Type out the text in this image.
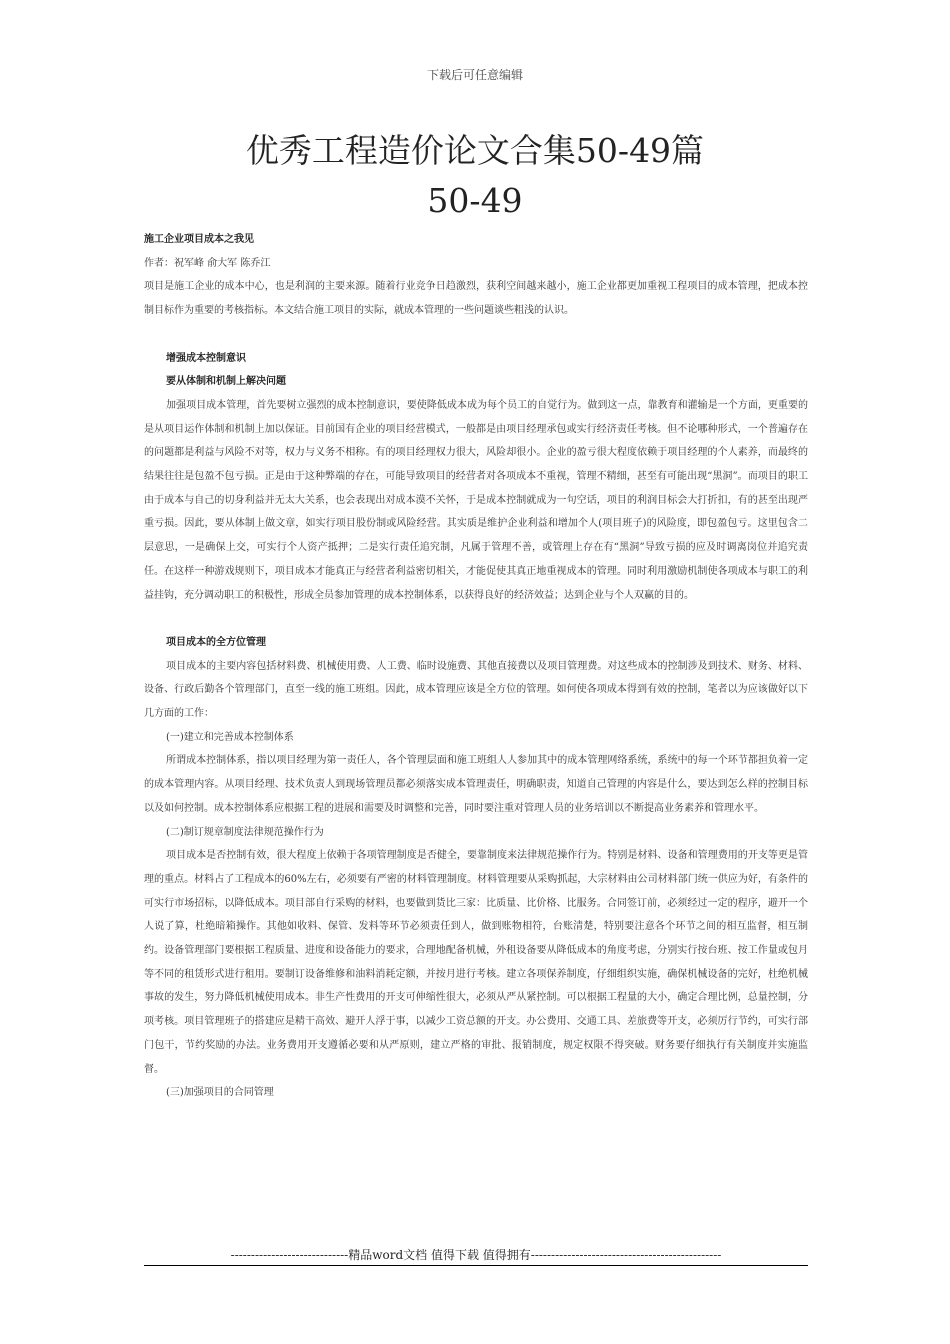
下载后可任意编辑
优秀工程造价论文合集50-49篇
50-49

施工企业项目成本之我见

作者：祝军峰 俞大军 陈乔江

项目是施工企业的成本中心，也是利润的主要来源。随着行业竞争日趋激烈，获利空间越来越小，施工企业都更加重视工程项目的成本管理，把成本控制目标作为重要的考核指标。本文结合施工项目的实际，就成本管理的一些问题谈些粗浅的认识。

增强成本控制意识

要从体制和机制上解决问题

加强项目成本管理，首先要树立强烈的成本控制意识，要使降低成本成为每个员工的自觉行为。做到这一点，靠教育和灌输是一个方面，更重要的是从项目运作体制和机制上加以保证。目前国有企业的项目经营模式，一般都是由项目经理承包或实行经济责任考核。但不论哪种形式，一个普遍存在的问题都是利益与风险不对等，权力与义务不相称。有的项目经理权力很大，风险却很小。企业的盈亏很大程度依赖于项目经理的个人素养，而最终的结果往往是包盈不包亏损。正是由于这种弊端的存在，可能导致项目的经营者对各项成本不重视，管理不精细，甚至有可能出现“黑洞”。而项目的职工由于成本与自己的切身利益并无太大关系，也会表现出对成本漠不关怀，于是成本控制就成为一句空话，项目的利润目标会大打折扣，有的甚至出现严重亏损。因此，要从体制上做文章，如实行项目股份制或风险经营。其实质是维护企业利益和增加个人(项目班子)的风险度，即包盈包亏。这里包含二层意思，一是确保上交，可实行个人资产抵押；二是实行责任追究制，凡属于管理不善，或管理上存在有“黑洞”导致亏损的应及时调离岗位并追究责任。在这样一种游戏规则下，项目成本才能真正与经营者利益密切相关，才能促使其真正地重视成本的管理。同时利用激励机制使各项成本与职工的利益挂钩，充分调动职工的积极性，形成全员参加管理的成本控制体系，以获得良好的经济效益；达到企业与个人双赢的目的。

项目成本的全方位管理

项目成本的主要内容包括材料费、机械使用费、人工费、临时设施费、其他直接费以及项目管理费。对这些成本的控制涉及到技术、财务、材料、设备、行政后勤各个管理部门，直至一线的施工班组。因此，成本管理应该是全方位的管理。如何使各项成本得到有效的控制，笔者以为应该做好以下几方面的工作：

(一)建立和完善成本控制体系

所谓成本控制体系，指以项目经理为第一责任人，各个管理层面和施工班组人人参加其中的成本管理网络系统，系统中的每一个环节都担负着一定的成本管理内容。从项目经理、技术负责人到现场管理员都必须落实成本管理责任，明确职责，知道自己管理的内容是什么，要达到怎么样的控制目标以及如何控制。成本控制体系应根据工程的进展和需要及时调整和完善，同时要注重对管理人员的业务培训以不断提高业务素养和管理水平。

(二)制订规章制度法律规范操作行为

项目成本是否控制有效，很大程度上依赖于各项管理制度是否健全，要靠制度来法律规范操作行为。特别是材料、设备和管理费用的开支等更是管理的重点。材料占了工程成本的60%左右，必须要有严密的材料管理制度。材料管理要从采购抓起，大宗材料由公司材料部门统一供应为好，有条件的可实行市场招标，以降低成本。项目部自行采购的材料，也要做到货比三家：比质量、比价格、比服务。合同签订前，必须经过一定的程序，避开一个人说了算，杜绝暗箱操作。其他如收料、保管、发料等环节必须责任到人，做到账物相符，台账清楚，特别要注意各个环节之间的相互监督，相互制约。设备管理部门要根据工程质量、进度和设备能力的要求，合理地配备机械，外租设备要从降低成本的角度考虑，分别实行按台班、按工作量或包月等不同的租赁形式进行租用。要制订设备维修和油料消耗定额，并按月进行考核。建立各项保养制度，仔细组织实施，确保机械设备的完好，杜绝机械事故的发生，努力降低机械使用成本。非生产性费用的开支可伸缩性很大，必须从严从紧控制。可以根据工程量的大小，确定合理比例，总量控制，分项考核。项目管理班子的搭建应是精干高效、避开人浮于事，以减少工资总额的开支。办公费用、交通工具、差旅费等开支，必须厉行节约，可实行部门包干，节约奖励的办法。业务费用开支遵循必要和从严原则，建立严格的审批、报销制度，规定权限不得突破。财务要仔细执行有关制度并实施监督。

(三)加强项目的合同管理

-----------------------------精品word文档 值得下载 值得拥有-----------------------------------------------
